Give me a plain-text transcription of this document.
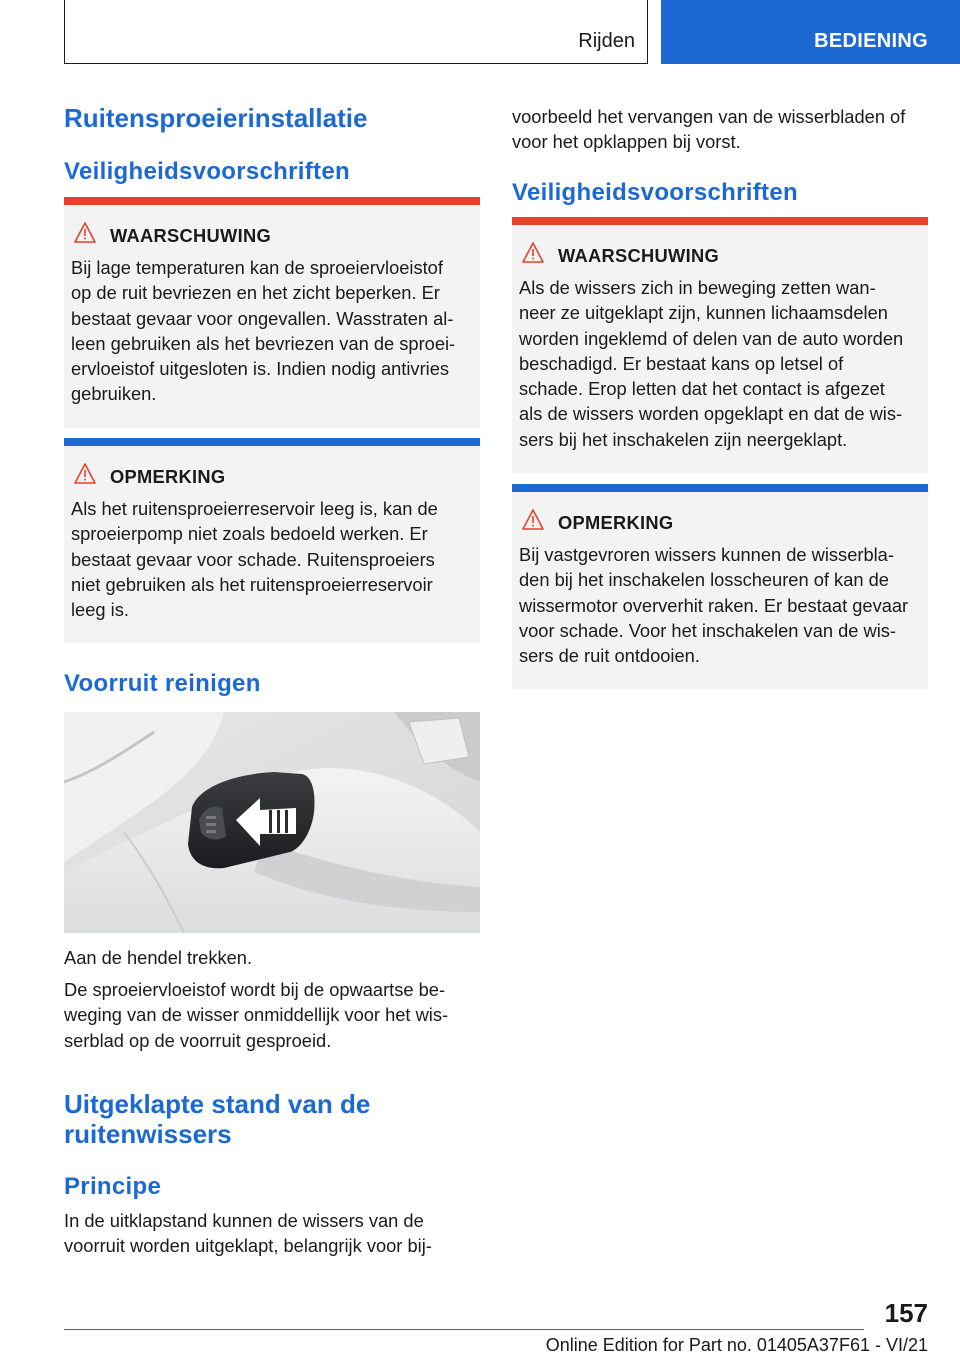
Rijden	BEDIENING
Ruitensproeierinstallatie
Veiligheidsvoorschriften
WAARSCHUWING

Bij lage temperaturen kan de sproeiervloeistof
op de ruit bevriezen en het zicht beperken. Er
bestaat gevaar voor ongevallen. Wasstraten al‐
leen gebruiken als het bevriezen van de sproei‐
ervloeistof uitgesloten is. Indien nodig antivries
gebruiken.

OPMERKING

Als het ruitensproeierreservoir leeg is, kan de
sproeierpomp niet zoals bedoeld werken. Er
bestaat gevaar voor schade. Ruitensproeiers
niet gebruiken als het ruitensproeierreservoir
leeg is.

Voorruit reinigen

Aan de hendel trekken.

De sproeiervloeistof wordt bij de opwaartse be‐
weging van de wisser onmiddellijk voor het wis‐
serblad op de voorruit gesproeid.

Uitgeklapte stand van de
ruitenwissers
Principe

In de uitklapstand kunnen de wissers van de
voorruit worden uitgeklapt, belangrijk voor bij‐

voorbeeld het vervangen van de wisserbladen of
voor het opklappen bij vorst.

Veiligheidsvoorschriften
WAARSCHUWING

Als de wissers zich in beweging zetten wan‐
neer ze uitgeklapt zijn, kunnen lichaamsdelen
worden ingeklemd of delen van de auto worden
beschadigd. Er bestaat kans op letsel of
schade. Erop letten dat het contact is afgezet
als de wissers worden opgeklapt en dat de wis‐
sers bij het inschakelen zijn neergeklapt.

OPMERKING

Bij vastgevroren wissers kunnen de wisserbla‐
den bij het inschakelen losscheuren of kan de
wissermotor oververhit raken. Er bestaat gevaar
voor schade. Voor het inschakelen van de wis‐
sers de ruit ontdooien.

157
Online Edition for Part no. 01405A37F61 - VI/21
